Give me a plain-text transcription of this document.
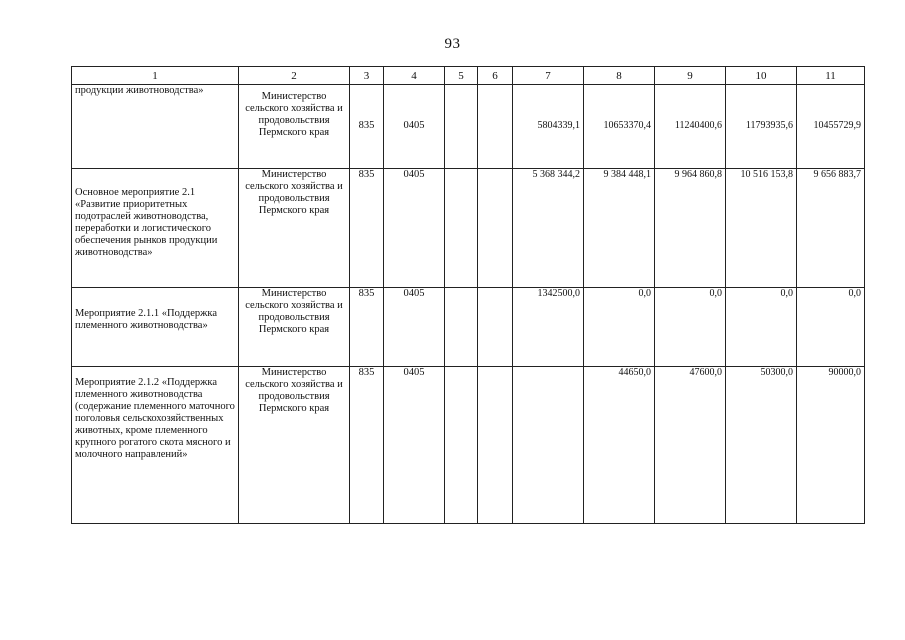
93
1	2	3	4	5	6	7	8	9	10	11
продукции животноводства»	Министерство сельского хозяйства и продовольствия Пермского края	835	0405			5804339,1	10653370,4	11240400,6	11793935,6	10455729,9
Основное мероприятие 2.1 «Развитие приоритетных подотраслей животноводства, переработки и логистического обеспечения рынков продукции животноводства»	Министерство сельского хозяйства и продовольствия Пермского края	835	0405			5 368 344,2	9 384 448,1	9 964 860,8	10 516 153,8	9 656 883,7
Мероприятие 2.1.1 «Поддержка племенного животноводства»	Министерство сельского хозяйства и продовольствия Пермского края	835	0405			1342500,0	0,0	0,0	0,0	0,0
Мероприятие 2.1.2 «Поддержка племенного животноводства (содержание племенного маточного поголовья сельскохозяйственных животных, кроме племенного крупного рогатого скота мясного и молочного направлений»	Министерство сельского хозяйства и продовольствия Пермского края	835	0405				44650,0	47600,0	50300,0	90000,0
